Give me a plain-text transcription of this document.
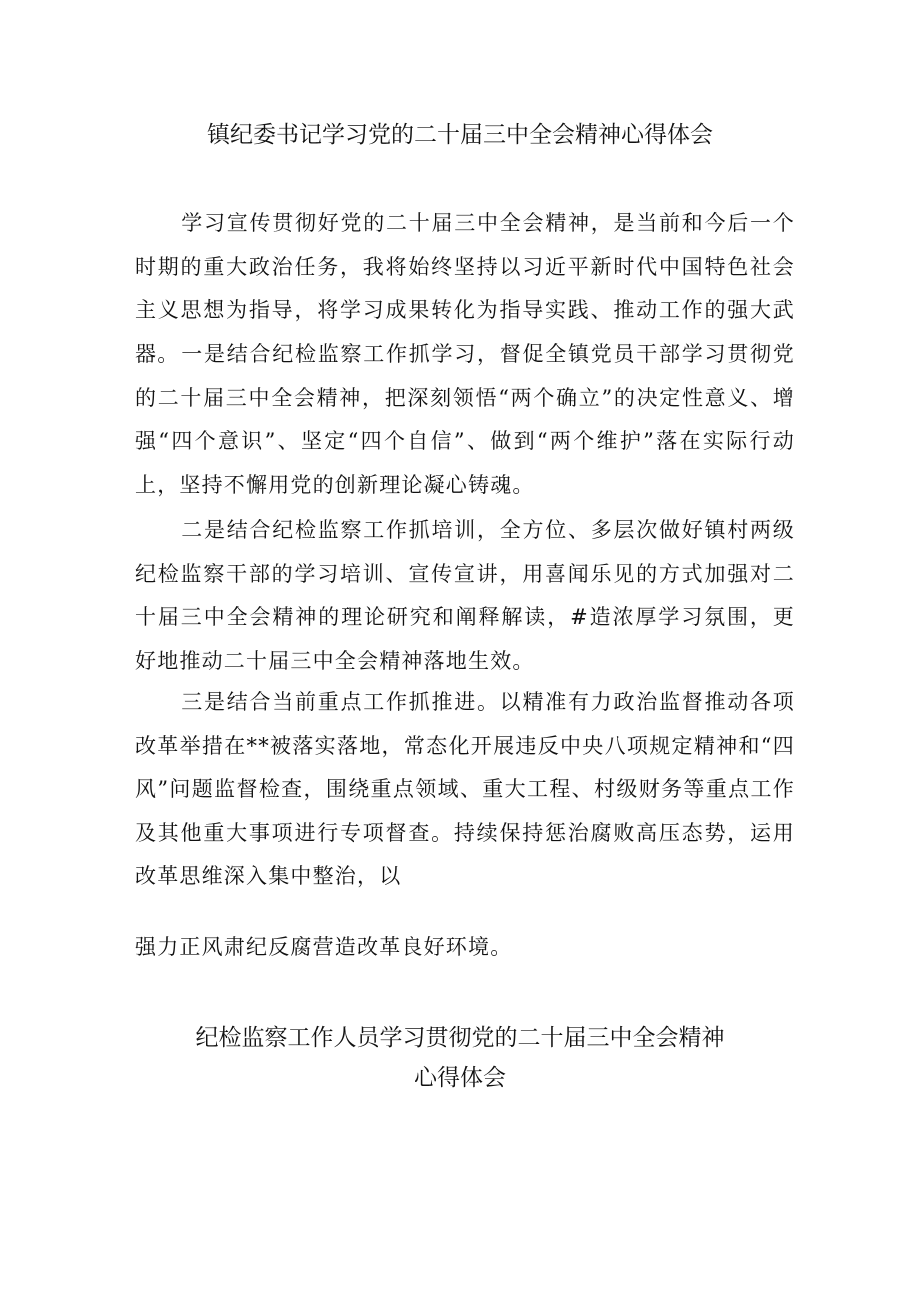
镇纪委书记学习党的二十届三中全会精神心得体会

学习宣传贯彻好党的二十届三中全会精神，是当前和今后一个时期的重大政治任务，我将始终坚持以习近平新时代中国特色社会主义思想为指导，将学习成果转化为指导实践、推动工作的强大武器。 一是结合纪检监察工作抓学习，督促全镇党员干部学习贯彻党的二十届三中全会精神，把深刻领悟“两个确立”的决定性意义、增强“四个意识”、坚定“四个自信”、做到“两个维护”落在实际行动上，坚持不懈用党的创新理论凝心铸魂。

二是结合纪检监察工作抓培训，全方位、多层次做好镇村两级纪检监察干部的学习培训、宣传宣讲，用喜闻乐见的方式加强对二十届三中全会精神的理论研究和阐释解读，#造浓厚学习氛围，更好地推动二十届三中全会精神落地生效。

三是结合当前重点工作抓推进。以精准有力政治监督推动各项改革举措在**被落实落地，常态化开展违反中央八项规定精神和“四风”问题监督检查，围绕重点领域、重大工程、村级财务等重点工作及其他重大事项进行专项督查。持续保持惩治腐败高压态势，运用改革思维深入集中整治，以

强力正风肃纪反腐营造改革良好环境。
纪检监察工作人员学习贯彻党的二十届三中全会精神
心得体会
